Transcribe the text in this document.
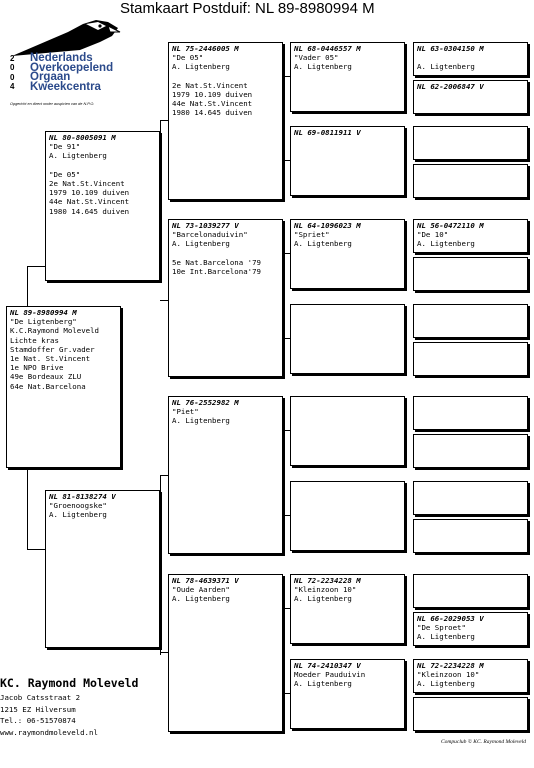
Stamkaart Postduif: NL 89-8980994 M
2
0
0
4
Nederlands
Overkoepelend
Orgaan
Kweekcentra
Opgericht en direct onder auspicien van de N.P.O.
NL 89-8980994 M
"De Ligtenberg"
K.C.Raymond Moleveld
Lichte kras
Stamdoffer Gr.vader
1e Nat. St.Vincent
1e NPO Brive
49e Bordeaux ZLU
64e Nat.Barcelona
NL 80-8005091 M
"De 91"
A. Ligtenberg

"De 05"
2e Nat.St.Vincent
1979 10.109 duiven
44e Nat.St.Vincent
1980 14.645 duiven
NL 81-8138274 V
"Groenoogske"
A. Ligtenberg
NL 75-2446005 M
"De 05"
A. Ligtenberg

2e Nat.St.Vincent
1979 10.109 duiven
44e Nat.St.Vincent
1980 14.645 duiven
NL 73-1039277 V
"Barcelonaduivin"
A. Ligtenberg

5e Nat.Barcelona '79
10e Int.Barcelona'79
NL 76-2552982 M
"Piet"
A. Ligtenberg
NL 78-4639371 V
"Oude Aarden"
A. Ligtenberg
NL 68-0446557 M
"Vader 05"
A. Ligtenberg
NL 69-0811911 V
NL 64-1096023 M
"Spriet"
A. Ligtenberg

NL 72-2234228 M
"Kleinzoon 10"
A. Ligtenberg
NL 74-2410347 V
Moeder Pauduivin
A. Ligtenberg
NL 63-0304150 M

A. Ligtenberg
NL 62-2006847 V

NL 56-0472110 M
"De 10"
A. Ligtenberg

NL 66-2029053 V
"De Sproet"
A. Ligtenberg
NL 72-2234228 M
"Kleinzoon 10"
A. Ligtenberg

KC. Raymond Moleveld
Jacob Catsstraat 2
1215 EZ Hilversum
Tel.: 06-51570874
www.raymondmoleveld.nl
Compuclub © KC. Raymond Moleveld
